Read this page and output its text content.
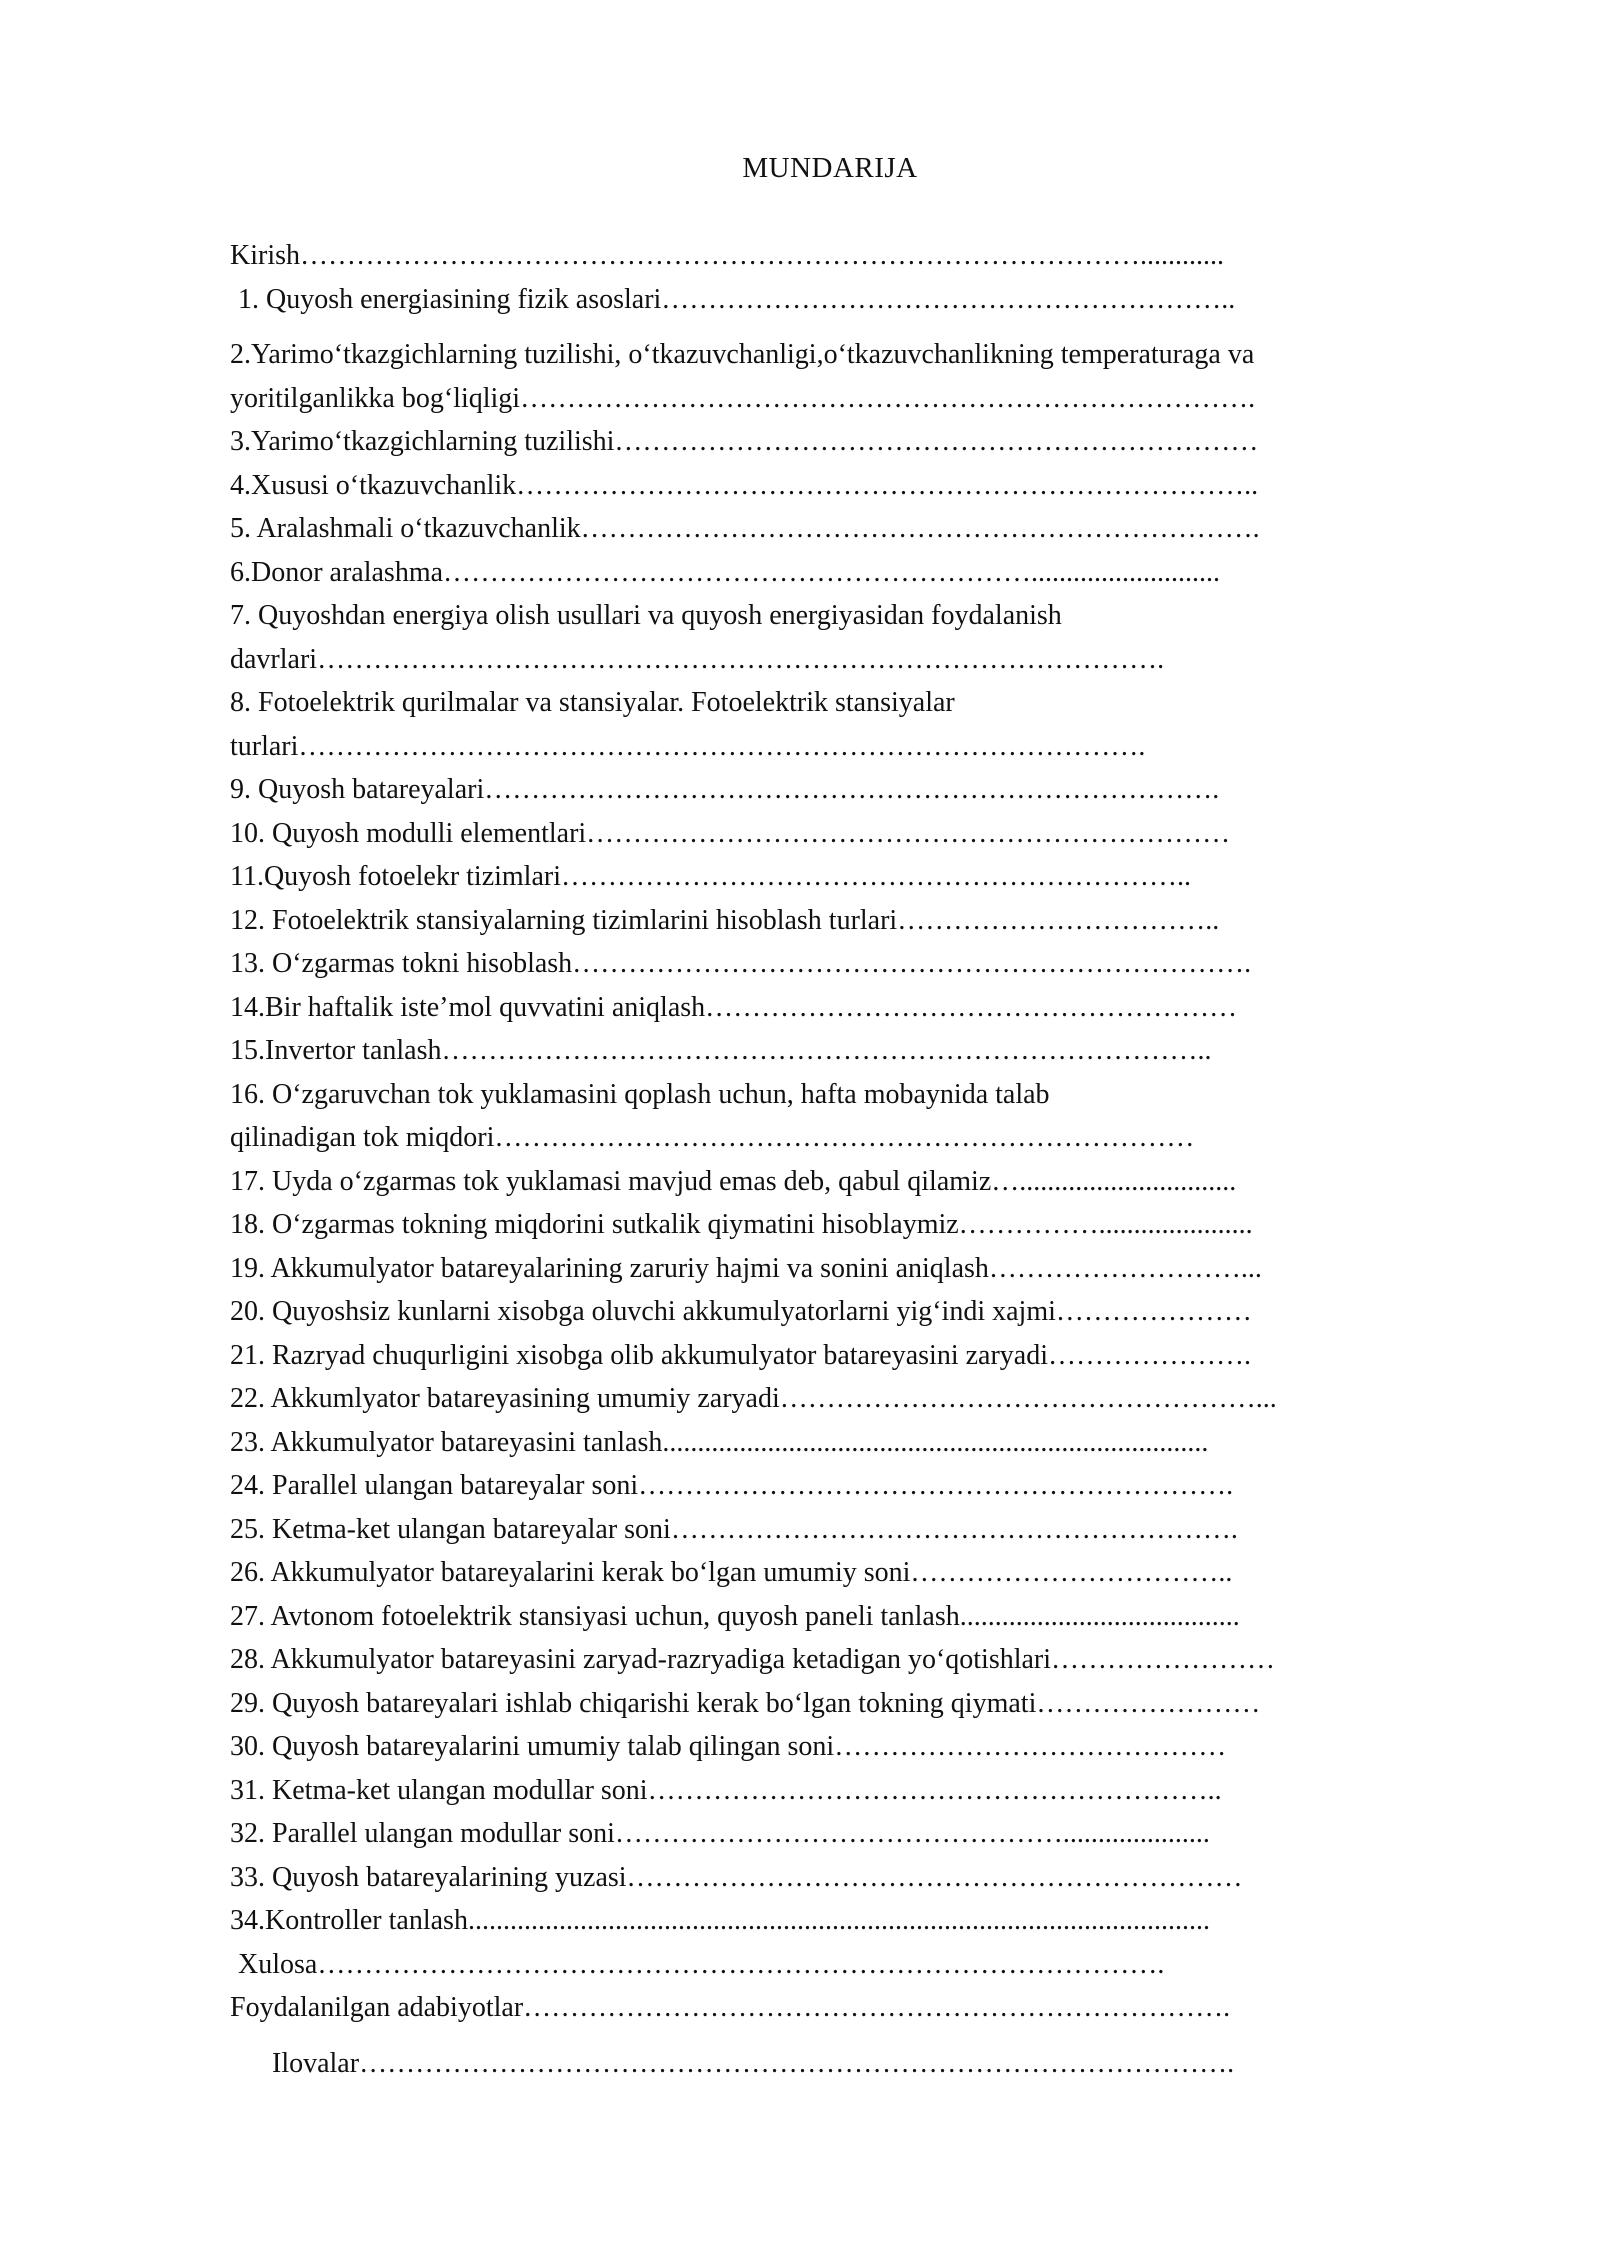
MUNDARIJA
Kirish………………………………………………………………………………............
1. Quyosh energiasining fizik asoslari……………………………………………………..
2.Yarimo‘tkazgichlarning tuzilishi, o‘tkazuvchanligi,o‘tkazuvchanlikning temperaturaga va
yoritilganlikka bog‘liqligi…………………………………………………………………….
3.Yarimo‘tkazgichlarning tuzilishi……………………………………………………………
4.Xususi o‘tkazuvchanlik……………………………………………………………………..
5. Aralashmali o‘tkazuvchanlik……………………………………………………………….
6.Donor aralashma………………………………………………………...........................
7. Quyoshdan energiya olish usullari va quyosh energiyasidan foydalanish
davrlari……………………………………………………………………………….
8. Fotoelektrik qurilmalar va stansiyalar. Fotoelektrik stansiyalar
turlari……………………………………………………………………………….
9. Quyosh batareyalari…………………………………………………………………….
10. Quyosh modulli elementlari……………………………………………………………
11.Quyosh fotoelekr tizimlari…………………………………………………………..
12. Fotoelektrik stansiyalarning tizimlarini hisoblash turlari……………………………..
13. O‘zgarmas tokni hisoblash……………………………………………………………….
14.Bir haftalik iste’mol quvvatini aniqlash…………………………………………………
15.Invertor tanlash………………………………………………………………………..
16. O‘zgaruvchan tok yuklamasini qoplash uchun, hafta mobaynida talab
qilinadigan tok miqdori…………………………………………………………………
17. Uyda o‘zgarmas tok yuklamasi mavjud emas deb, qabul qilamiz…...............................
18. O‘zgarmas tokning miqdorini sutkalik qiymatini hisoblaymiz……………......................
19. Akkumulyator batareyalarining zaruriy hajmi va sonini aniqlash………………………...
20. Quyoshsiz kunlarni xisobga oluvchi akkumulyatorlarni yig‘indi xajmi…………………
21. Razryad chuqurligini xisobga olib akkumulyator batareyasini zaryadi………………….
22. Akkumlyator batareyasining umumiy zaryadi……………………………………………...
23. Akkumulyator batareyasini tanlash..............................................................................
24. Parallel ulangan batareyalar soni……………………………………………………….
25. Ketma-ket ulangan batareyalar soni…………………………………………………….
26. Akkumulyator batareyalarini kerak bo‘lgan umumiy soni……………………………..
27. Avtonom fotoelektrik stansiyasi uchun, quyosh paneli tanlash........................................
28. Akkumulyator batareyasini zaryad-razryadiga ketadigan yo‘qotishlari……………………
29. Quyosh batareyalari ishlab chiqarishi kerak bo‘lgan tokning qiymati……………………
30. Quyosh batareyalarini umumiy talab qilingan soni……………………………………
31. Ketma-ket ulangan modullar soni……………………………………………………..
32. Parallel ulangan modullar soni………………………………………….....................
33. Quyosh batareyalarining yuzasi…………………………………………………………
34.Kontroller tanlash..........................................................................................................
Xulosa……………………………………………………………………………….
Foydalanilgan adabiyotlar………………………………………………………………….
Ilovalar………………………………………………………………………………….
